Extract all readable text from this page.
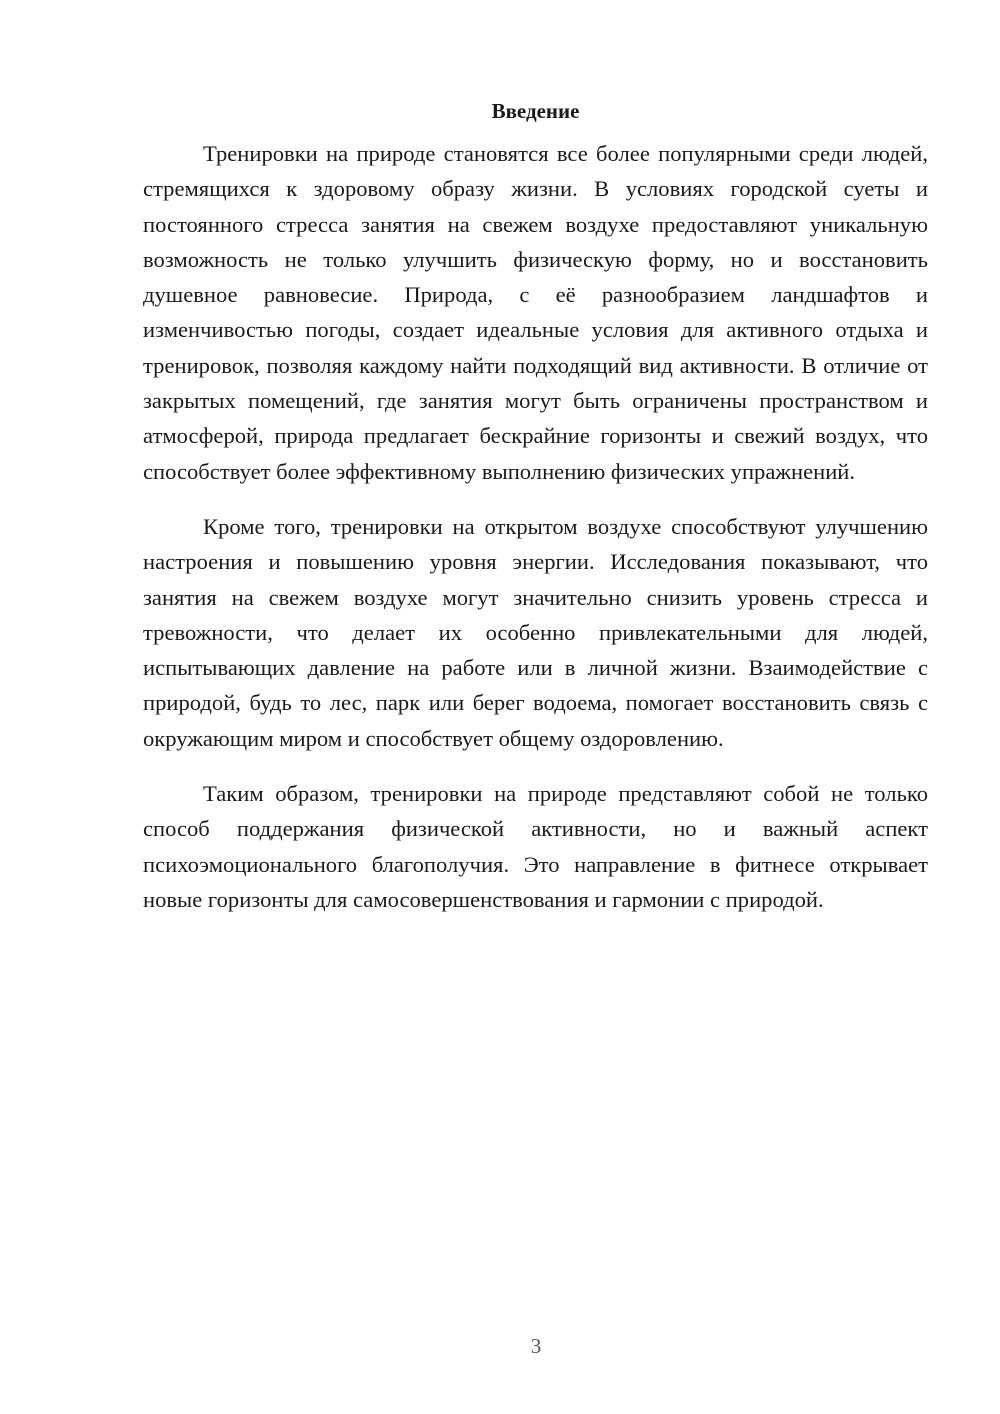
Введение

Тренировки на природе становятся все более популярными среди людей, стремящихся к здоровому образу жизни. В условиях городской суеты и постоянного стресса занятия на свежем воздухе предоставляют уникальную возможность не только улучшить физическую форму, но и восстановить душевное равновесие. Природа, с её разнообразием ландшафтов и изменчивостью погоды, создает идеальные условия для активного отдыха и тренировок, позволяя каждому найти подходящий вид активности. В отличие от закрытых помещений, где занятия могут быть ограничены пространством и атмосферой, природа предлагает бескрайние горизонты и свежий воздух, что способствует более эффективному выполнению физических упражнений.

Кроме того, тренировки на открытом воздухе способствуют улучшению настроения и повышению уровня энергии. Исследования показывают, что занятия на свежем воздухе могут значительно снизить уровень стресса и тревожности, что делает их особенно привлекательными для людей, испытывающих давление на работе или в личной жизни. Взаимодействие с природой, будь то лес, парк или берег водоема, помогает восстановить связь с окружающим миром и способствует общему оздоровлению.

Таким образом, тренировки на природе представляют собой не только способ поддержания физической активности, но и важный аспект психоэмоционального благополучия. Это направление в фитнесе открывает новые горизонты для самосовершенствования и гармонии с природой.

3
